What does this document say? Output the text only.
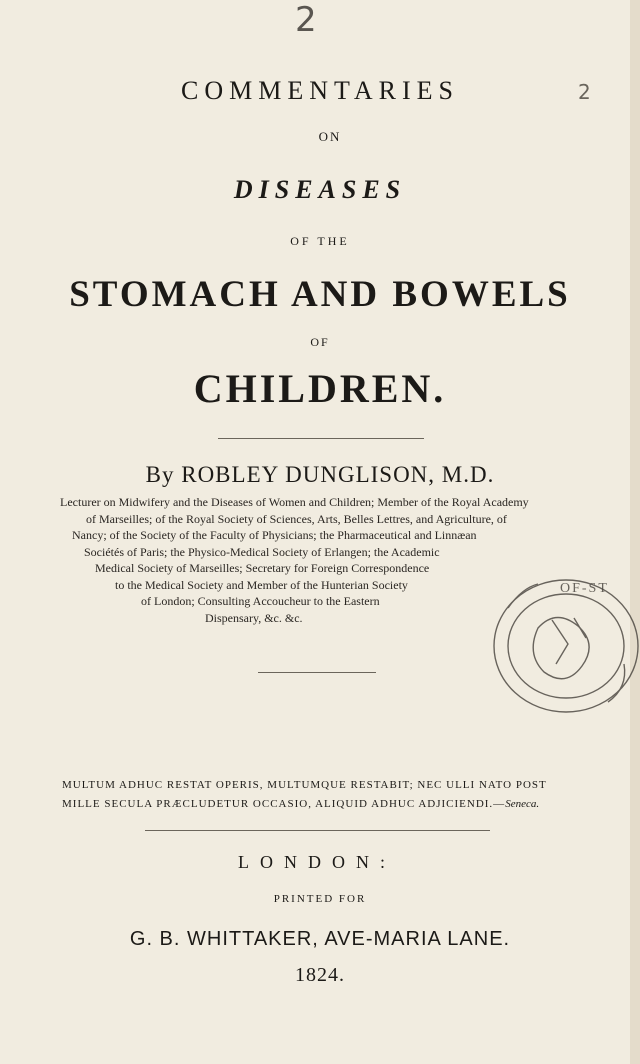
2
2
COMMENTARIES
ON
DISEASES
OF THE
STOMACH AND BOWELS
OF
CHILDREN.
By ROBLEY DUNGLISON, M.D.
Lecturer on Midwifery and the Diseases of Women and Children; Member of the Royal Academy
of Marseilles; of the Royal Society of Sciences, Arts, Belles Lettres, and Agriculture, of
Nancy; of the Society of the Faculty of Physicians; the Pharmaceutical and Linnæan
Sociétés of Paris; the Physico-Medical Society of Erlangen; the Academic
Medical Society of Marseilles; Secretary for Foreign Correspondence
to the Medical Society and Member of the Hunterian Society
of London; Consulting Accoucheur to the Eastern
Dispensary, &c. &c.
OF-ST
MULTUM ADHUC RESTAT OPERIS, MULTUMQUE RESTABIT; NEC ULLI NATO POST MILLE SECULA PRÆCLUDETUR OCCASIO, ALIQUID ADHUC ADJICIENDI.—Seneca.
LONDON:
PRINTED FOR
G. B. WHITTAKER, AVE-MARIA LANE.
1824.
